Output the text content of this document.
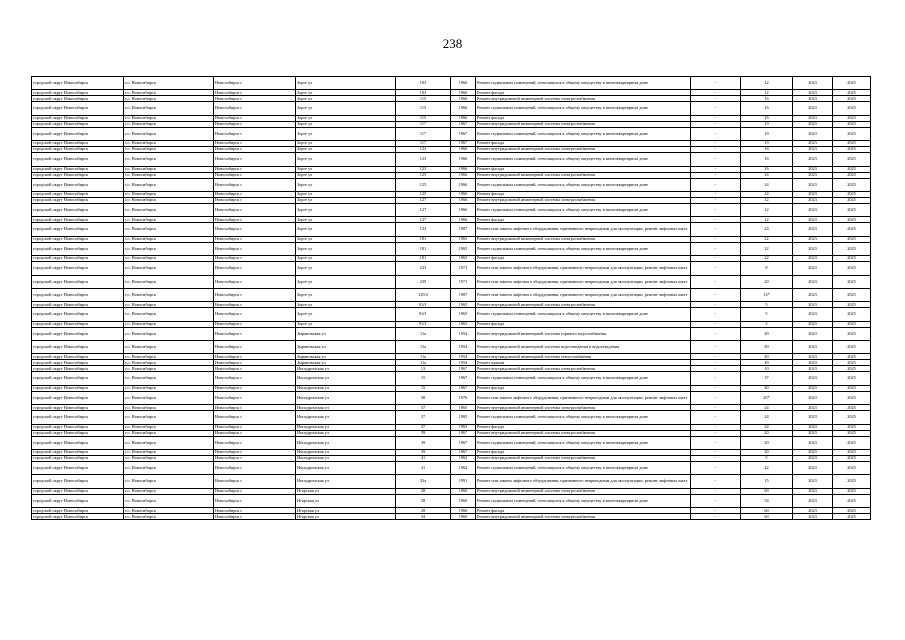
238
городской округ Новосибирск	г.о. Новосибирск	Новосибирск г	Зорге ул	103	1966	Ремонт подвальных помещений, относящихся к общему имуществу в многоквартирном доме	-	12	2023	2025
городской округ Новосибирск	г.о. Новосибирск	Новосибирск г	Зорге ул	103	1966	Ремонт фасада	-	12	2023	2025
городской округ Новосибирск	г.о. Новосибирск	Новосибирск г	Зорге ул	115	1966	Ремонт внутридомовой инженерной системы электроснабжения	-	16	2023	2025
городской округ Новосибирск	г.о. Новосибирск	Новосибирск г	Зорге ул	115	1966	Ремонт подвальных помещений, относящихся к общему имуществу в многоквартирном доме	-	16	2023	2025
городской округ Новосибирск	г.о. Новосибирск	Новосибирск г	Зорге ул	115	1966	Ремонт фасада	-	16	2023	2025
городской округ Новосибирск	г.о. Новосибирск	Новосибирск г	Зорге ул	117	1967	Ремонт внутридомовой инженерной системы электроснабжения	-	19	2023	2025
городской округ Новосибирск	г.о. Новосибирск	Новосибирск г	Зорге ул	117	1967	Ремонт подвальных помещений, относящихся к общему имуществу в многоквартирном доме	-	19	2023	2025
городской округ Новосибирск	г.о. Новосибирск	Новосибирск г	Зорге ул	117	1967	Ремонт фасада	-	19	2023	2025
городской округ Новосибирск	г.о. Новосибирск	Новосибирск г	Зорге ул	123	1966	Ремонт внутридомовой инженерной системы электроснабжения	-	16	2023	2025
городской округ Новосибирск	г.о. Новосибирск	Новосибирск г	Зорге ул	123	1966	Ремонт подвальных помещений, относящихся к общему имуществу в многоквартирном доме	-	16	2023	2025
городской округ Новосибирск	г.о. Новосибирск	Новосибирск г	Зорге ул	123	1966	Ремонт фасада	-	16	2023	2025
городской округ Новосибирск	г.о. Новосибирск	Новосибирск г	Зорге ул	125	1966	Ремонт внутридомовой инженерной системы электроснабжения	-	24	2023	2025
городской округ Новосибирск	г.о. Новосибирск	Новосибирск г	Зорге ул	125	1966	Ремонт подвальных помещений, относящихся к общему имуществу в многоквартирном доме	-	24	2023	2025
городской округ Новосибирск	г.о. Новосибирск	Новосибирск г	Зорге ул	125	1966	Ремонт фасада	-	24	2023	2025
городской округ Новосибирск	г.о. Новосибирск	Новосибирск г	Зорге ул	127	1966	Ремонт внутридомовой инженерной системы электроснабжения	-	12	2023	2025
городской округ Новосибирск	г.о. Новосибирск	Новосибирск г	Зорге ул	127	1966	Ремонт подвальных помещений, относящихся к общему имуществу в многоквартирном доме	-	12	2023	2025
городской округ Новосибирск	г.о. Новосибирск	Новосибирск г	Зорге ул	127	1966	Ремонт фасада	-	12	2023	2025
городской округ Новосибирск	г.о. Новосибирск	Новосибирск г	Зорге ул	133	1987	Ремонт или замена лифтового оборудования, признанного непригодным для эксплуатации, ремонт лифтовых шахт	-	24	2023	2025
городской округ Новосибирск	г.о. Новосибирск	Новосибирск г	Зорге ул	181	1965	Ремонт внутридомовой инженерной системы электроснабжения	-	22	2023	2025
городской округ Новосибирск	г.о. Новосибирск	Новосибирск г	Зорге ул	181	1965	Ремонт подвальных помещений, относящихся к общему имуществу в многоквартирном доме	-	22	2023	2025
городской округ Новосибирск	г.о. Новосибирск	Новосибирск г	Зорге ул	181	1965	Ремонт фасада	-	22	2023	2025
городской округ Новосибирск	г.о. Новосибирск	Новосибирск г	Зорге ул	233	1971	Ремонт или замена лифтового оборудования, признанного непригодным для эксплуатации, ремонт лифтовых шахт	-	8	2023	2025
городской округ Новосибирск	г.о. Новосибирск	Новосибирск г	Зорге ул	239	1971	Ремонт или замена лифтового оборудования, признанного непригодным для эксплуатации, ремонт лифтовых шахт	-	20	2023	2025
городской округ Новосибирск	г.о. Новосибирск	Новосибирск г	Зорге ул	129/2	1987	Ремонт или замена лифтового оборудования, признанного непригодным для эксплуатации, ремонт лифтовых шахт	-	13*	2023	2025
городской округ Новосибирск	г.о. Новосибирск	Новосибирск г	Зорге ул	93/1	1965	Ремонт внутридомовой инженерной системы электроснабжения	-	5	2023	2025
городской округ Новосибирск	г.о. Новосибирск	Новосибирск г	Зорге ул	93/1	1965	Ремонт подвальных помещений, относящихся к общему имуществу в многоквартирном доме	-	5	2023	2025
городской округ Новосибирск	г.о. Новосибирск	Новосибирск г	Зорге ул	93/1	1965	Ремонт фасада	-	5	2023	2025
городской округ Новосибирск	г.о. Новосибирск	Новосибирск г	Зыряновская ул	11а	1954	Ремонт внутридомовой инженерной системы горячего водоснабжения	-	49	2023	2025
городской округ Новосибирск	г.о. Новосибирск	Новосибирск г	Зыряновская ул	11а	1954	Ремонт внутридомовой инженерной системы водоотведения и водоотведения	-	49	2023	2025
городской округ Новосибирск	г.о. Новосибирск	Новосибирск г	Зыряновская ул	11а	1954	Ремонт внутридомовой инженерной системы теплоснабжения	-	49	2023	2025
городской округ Новосибирск	г.о. Новосибирск	Новосибирск г	Зыряновская ул	11а	1954	Ремонт крыши	-	49	2023	2025
городской округ Новосибирск	г.о. Новосибирск	Новосибирск г	Ипподромская ул	13	1967	Ремонт внутридомовой инженерной системы электроснабжения	-	10	2023	2025
городской округ Новосибирск	г.о. Новосибирск	Новосибирск г	Ипподромская ул	15	1967	Ремонт подвальных помещений, относящихся к общему имуществу в многоквартирном доме	-	37	2023	2025
городской округ Новосибирск	г.о. Новосибирск	Новосибирск г	Ипподромская ул	15	1967	Ремонт фасада	-	40	2023	2025
городской округ Новосибирск	г.о. Новосибирск	Новосибирск г	Ипподромская ул	38	1976	Ремонт или замена лифтового оборудования, признанного непригодным для эксплуатации, ремонт лифтовых шахт	-	20*	2023	2025
городской округ Новосибирск	г.о. Новосибирск	Новосибирск г	Ипподромская ул	37	1965	Ремонт внутридомовой инженерной системы электроснабжения	-	24	2023	2025
городской округ Новосибирск	г.о. Новосибирск	Новосибирск г	Ипподромская ул	37	1965	Ремонт подвальных помещений, относящихся к общему имуществу в многоквартирном доме	-	24	2023	2025
городской округ Новосибирск	г.о. Новосибирск	Новосибирск г	Ипподромская ул	37	1965	Ремонт фасада	-	24	2023	2025
городской округ Новосибирск	г.о. Новосибирск	Новосибирск г	Ипподромская ул	39	1967	Ремонт внутридомовой инженерной системы электроснабжения	-	20	2023	2025
городской округ Новосибирск	г.о. Новосибирск	Новосибирск г	Ипподромская ул	39	1967	Ремонт подвальных помещений, относящихся к общему имуществу в многоквартирном доме	-	20	2023	2025
городской округ Новосибирск	г.о. Новосибирск	Новосибирск г	Ипподромская ул	39	1967	Ремонт фасада	-	20	2023	2025
городской округ Новосибирск	г.о. Новосибирск	Новосибирск г	Ипподромская ул	41	1962	Ремонт внутридомовой инженерной системы электроснабжения	-	5	2023	2025
городской округ Новосибирск	г.о. Новосибирск	Новосибирск г	Ипподромская ул	41	1962	Ремонт подвальных помещений, относящихся к общему имуществу в многоквартирном доме	-	42	2023	2025
городской округ Новосибирск	г.о. Новосибирск	Новосибирск г	Ипподромская ул	33а	1991	Ремонт или замена лифтового оборудования, признанного непригодным для эксплуатации, ремонт лифтовых шахт	-	15	2023	2025
городской округ Новосибирск	г.о. Новосибирск	Новосибирск г	Игарская ул	28	1960	Ремонт внутридомовой инженерной системы электроснабжения	-	60	2023	2025
городской округ Новосибирск	г.о. Новосибирск	Новосибирск г	Игарская ул	28	1960	Ремонт подвальных помещений, относящихся к общему имуществу в многоквартирном доме	-	54	2023	2025
городской округ Новосибирск	г.о. Новосибирск	Новосибирск г	Игарская ул	28	1960	Ремонт фасада	-	60	2023	2025
городской округ Новосибирск	г.о. Новосибирск	Новосибирск г	Игарская ул	34	1960	Ремонт внутридомовой инженерной системы электроснабжения	-	60	2023	2025
